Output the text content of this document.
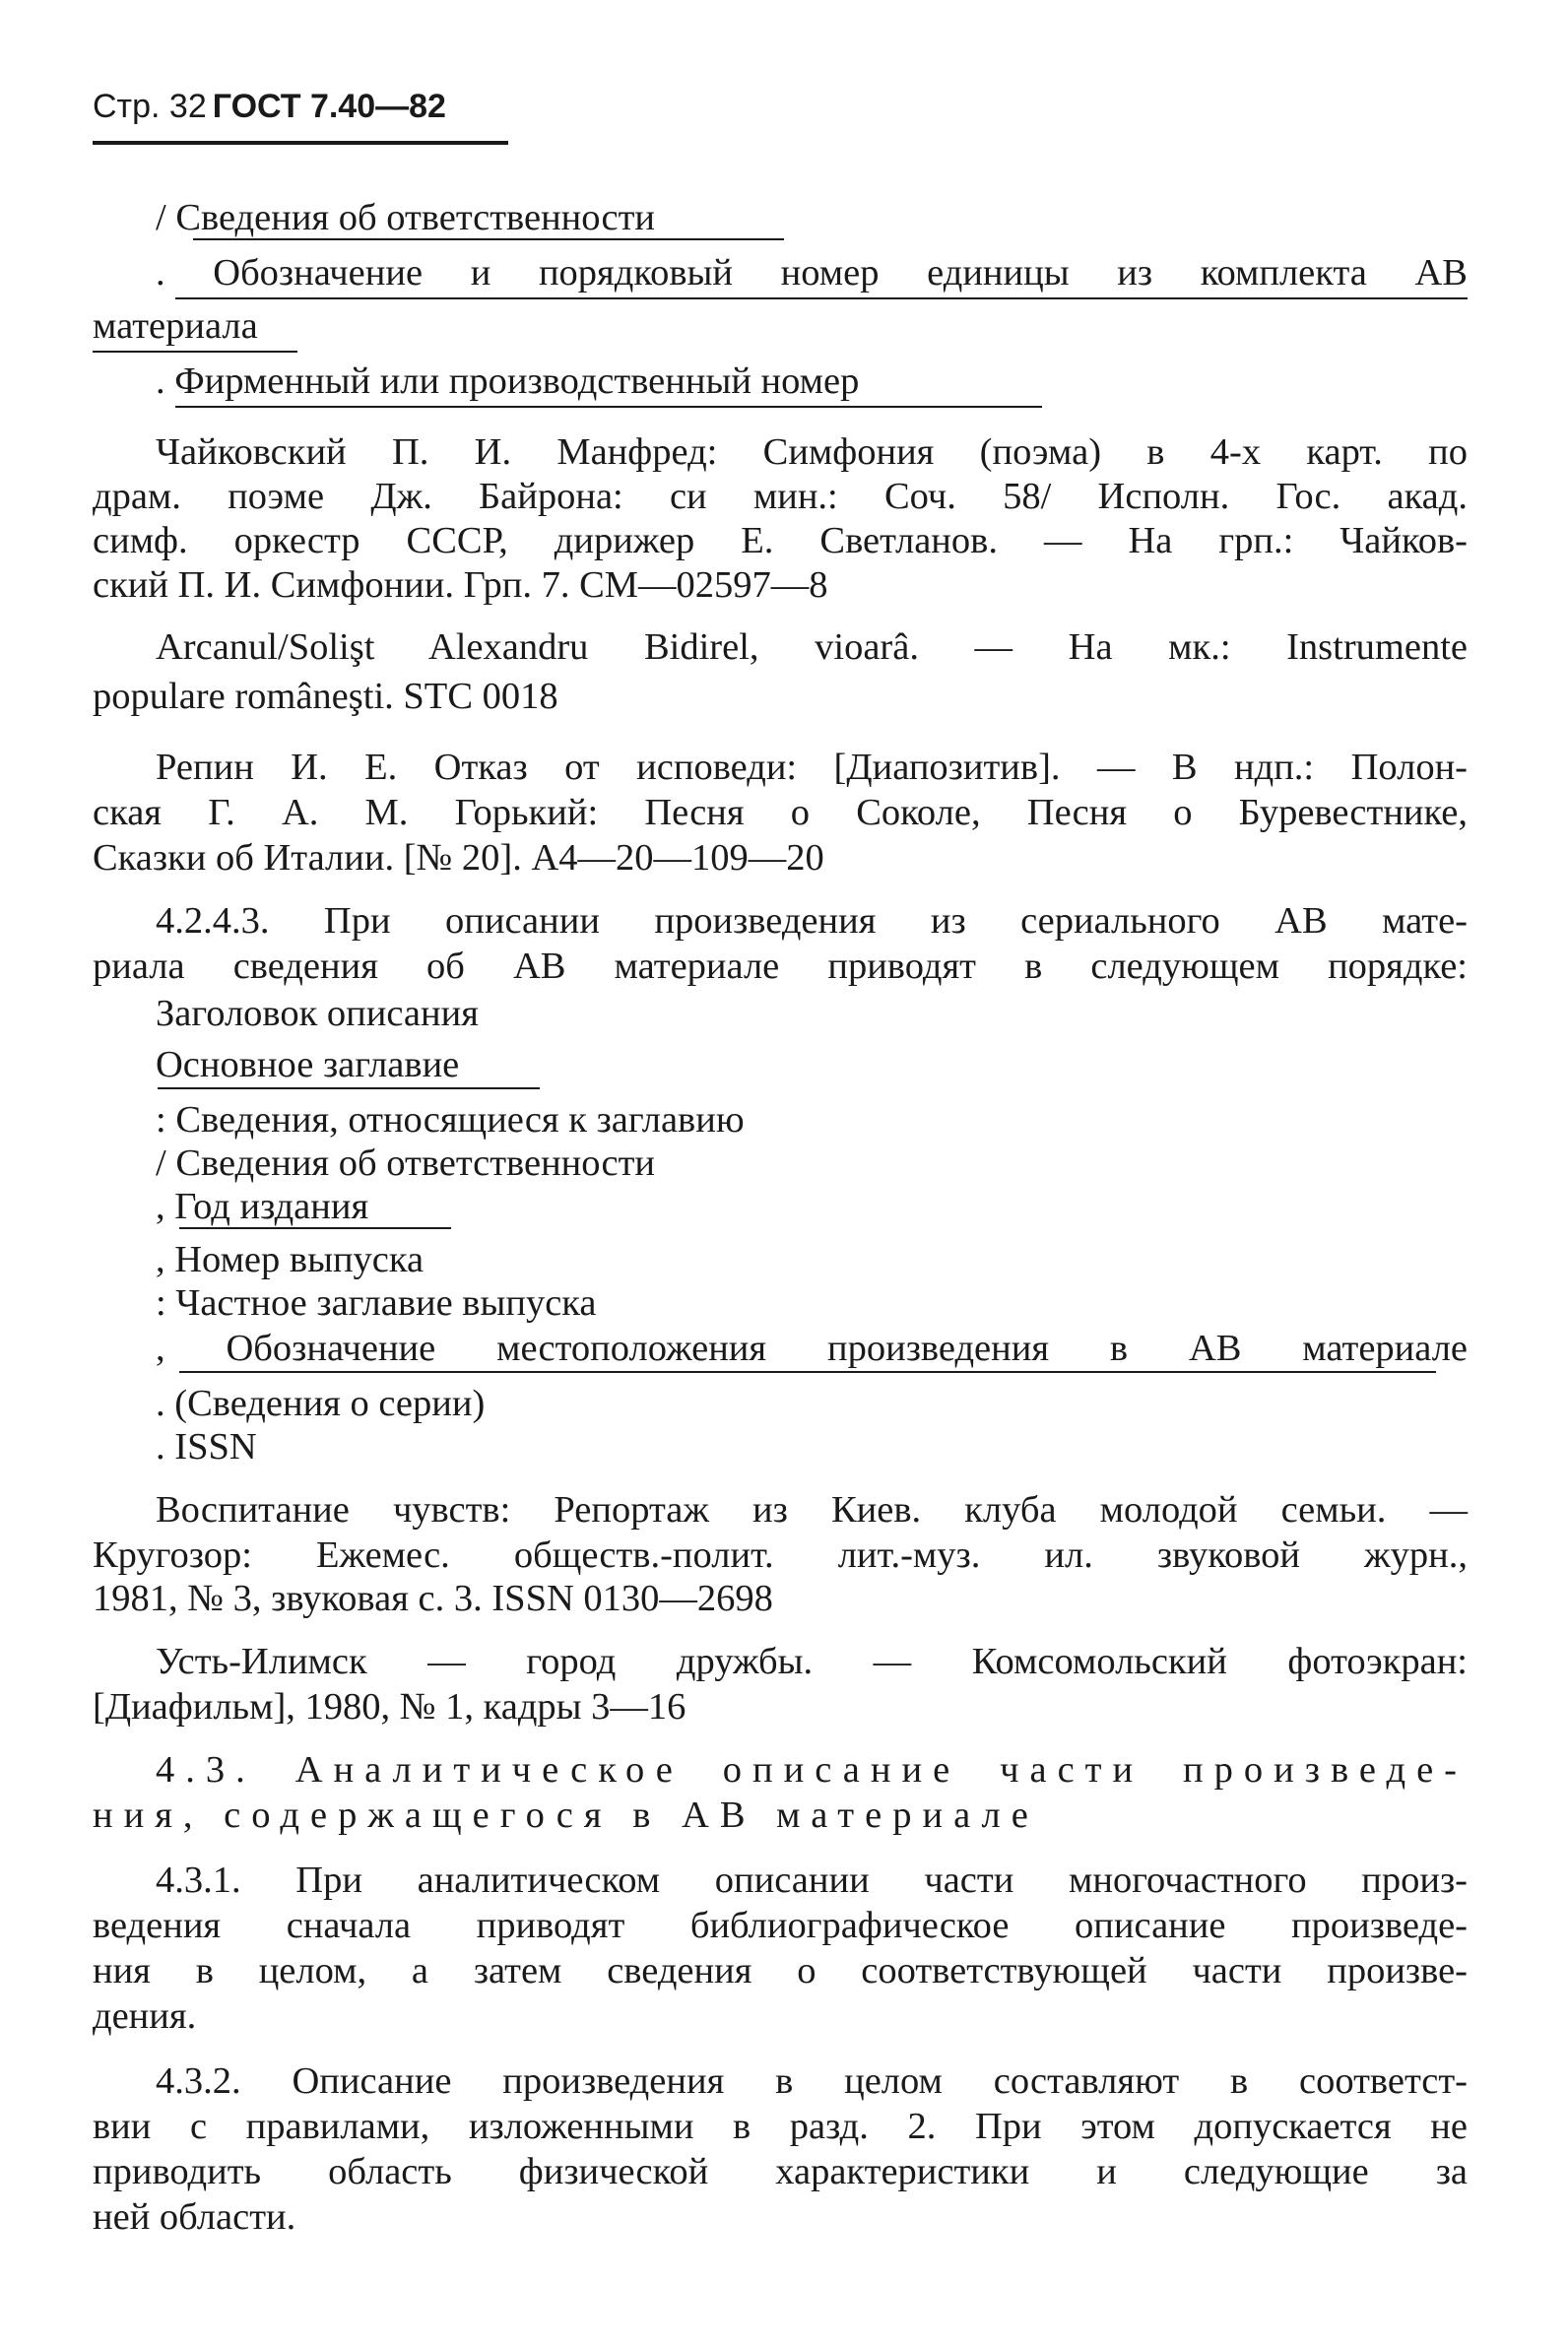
Стр. 32 ГОСТ 7.40—82
/ Сведения об ответственности
. Обозначение и порядковый номер единицы из комплекта АВ
материала
. Фирменный или производственный номер
Чайковский П. И. Манфред: Симфония (поэма) в 4-х карт. по
драм. поэме Дж. Байрона: си мин.: Соч. 58/ Исполн. Гос. акад.
симф. оркестр СССР, дирижер Е. Светланов. — На грп.: Чайков-
ский П. И. Симфонии. Грп. 7. СМ—02597—8
Arcanul/Solişt Alexandru Bidirel, vioarâ. — На мк.: Instrumente
populare româneşti. STC 0018
Репин И. Е. Отказ от исповеди: [Диапозитив]. — В ндп.: Полон-
ская Г. А. М. Горький: Песня о Соколе, Песня о Буревестнике,
Сказки об Италии. [№ 20]. А4—20—109—20
4.2.4.3. При описании произведения из сериального АВ мате-
риала сведения об АВ материале приводят в следующем порядке:
Заголовок описания
Основное заглавие
: Сведения, относящиеся к заглавию
/ Сведения об ответственности
, Год издания
, Номер выпуска
: Частное заглавие выпуска
, Обозначение местоположения произведения в АВ материале
. (Сведения о серии)
. ISSN
Воспитание чувств: Репортаж из Киев. клуба молодой семьи. —
Кругозор: Ежемес. обществ.-полит. лит.-муз. ил. звуковой журн.,
1981, № 3, звуковая с. 3. ISSN 0130—2698
Усть-Илимск — город дружбы. — Комсомольский фотоэкран:
[Диафильм], 1980, № 1, кадры 3—16
4.3. Аналитическое описание части произведе-
ния, содержащегося в АВ материале
4.3.1. При аналитическом описании части многочастного произ-
ведения сначала приводят библиографическое описание произведе-
ния в целом, а затем сведения о соответствующей части произве-
дения.
4.3.2. Описание произведения в целом составляют в соответст-
вии с правилами, изложенными в разд. 2. При этом допускается не
приводить область физической характеристики и следующие за
ней области.
